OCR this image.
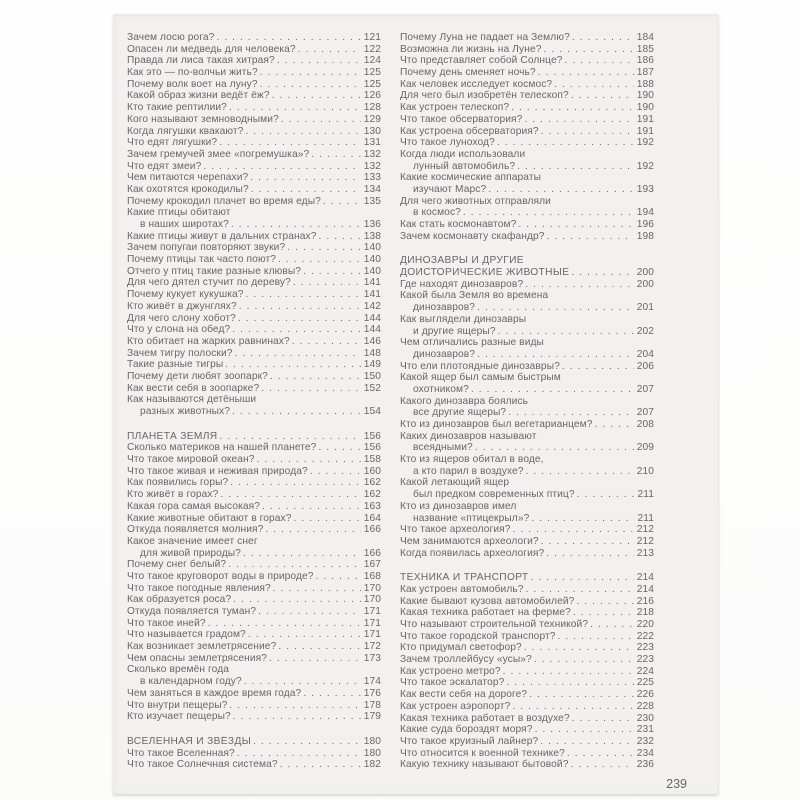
Зачем лосю рога? . . .	121
Опасен ли медведь для человека? . . .	122
Правда ли лиса такая хитрая? . . .	124
Как это — по-волчьи жить? . . .	125
Почему волк воет на луну? . . .	125
Какой образ жизни ведёт ёж? . . .	126
Кто такие рептилии? . . .	128
Кого называют земноводными? . . .	129
Когда лягушки квакают? . . .	130
Что едят лягушки? . . .	131
Зачем гремучей змее «погремушка»? . . .	132
Что едят змеи? . . .	132
Чем питаются черепахи? . . .	133
Как охотятся крокодилы? . . .	134
Почему крокодил плачет во время еды? . . .	135
Какие птицы обитают
в наших широтах? . . .	136
Какие птицы живут в дальних странах? . . .	138
Зачем попугаи повторяют звуки? . . .	140
Почему птицы так часто поют? . . .	140
Отчего у птиц такие разные клювы? . . .	140
Для чего дятел стучит по дереву? . . .	141
Почему кукует кукушка? . . .	141
Кто живёт в джунглях? . . .	142
Для чего слону хобот? . . .	144
Что у слона на обед? . . .	144
Кто обитает на жарких равнинах? . . .	146
Зачем тигру полоски? . . .	148
Такие разные тигры . . .	149
Почему дети любят зоопарк? . . .	150
Как вести себя в зоопарке? . . .	152
Как называются детёныши
разных животных? . . .	154
ПЛАНЕТА ЗЕМЛЯ . . .	156
Сколько материков на нашей планете? . . .	156
Что такое мировой океан? . . .	158
Что такое живая и неживая природа? . . .	160
Как появились горы? . . .	162
Кто живёт в горах? . . .	162
Какая гора самая высокая? . . .	163
Какие животные обитают в горах? . . .	164
Откуда появляется молния? . . .	166
Какое значение имеет снег
для живой природы? . . .	166
Почему снег белый? . . .	167
Что такое круговорот воды в природе? . . .	168
Что такое погодные явления? . . .	170
Как образуется роса? . . .	170
Откуда появляется туман? . . .	171
Что такое иней? . . .	171
Что называется градом? . . .	171
Как возникает землетрясение? . . .	172
Чем опасны землетрясения? . . .	173
Сколько времён года
в календарном году? . . .	174
Чем заняться в каждое время года? . . .	176
Что внутри пещеры? . . .	178
Кто изучает пещеры? . . .	179
ВСЕЛЕННАЯ И ЗВЁЗДЫ . . .	180
Что такое Вселенная? . . .	180
Что такое Солнечная система? . . .	182
Почему Луна не падает на Землю? . . .	184
Возможна ли жизнь на Луне? . . .	185
Что представляет собой Солнце? . . .	186
Почему день сменяет ночь? . . .	187
Как человек исследует космос? . . .	188
Для чего был изобретён телескоп? . . .	190
Как устроен телескоп? . . .	190
Что такое обсерватория? . . .	191
Как устроена обсерватория? . . .	191
Что такое луноход? . . .	192
Когда люди использовали
лунный автомобиль? . . .	192
Какие космические аппараты
изучают Марс? . . .	193
Для чего животных отправляли
в космос? . . .	194
Как стать космонавтом? . . .	196
Зачем космонавту скафандр? . . .	198
ДИНОЗАВРЫ И ДРУГИЕ
ДОИСТОРИЧЕСКИЕ ЖИВОТНЫЕ . . .	200
Где находят динозавров? . . .	200
Какой была Земля во времена
динозавров? . . .	201
Как выглядели динозавры
и другие ящеры? . . .	202
Чем отличались разные виды
динозавров? . . .	204
Что ели плотоядные динозавры? . . .	206
Какой ящер был самым быстрым
охотником? . . .	207
Какого динозавра боялись
все другие ящеры? . . .	207
Кто из динозавров был вегетарианцем? . . .	208
Каких динозавров называют
всеядными? . . .	209
Кто из ящеров обитал в воде,
а кто парил в воздухе? . . .	210
Какой летающий ящер
был предком современных птиц? . . .	211
Кто из динозавров имел
название «птицекрыл»? . . .	211
Что такое археология? . . .	212
Чем занимаются археологи? . . .	212
Когда появилась археология? . . .	213
ТЕХНИКА И ТРАНСПОРТ . . .	214
Как устроен автомобиль? . . .	214
Какие бывают кузова автомобилей? . . .	216
Какая техника работает на ферме? . . .	218
Что называют строительной техникой? . . .	220
Что такое городской транспорт? . . .	222
Кто придумал светофор? . . .	223
Зачем троллейбусу «усы»? . . .	223
Как устроено метро? . . .	224
Что такое эскалатор? . . .	225
Как вести себя на дороге? . . .	226
Как устроен аэропорт? . . .	228
Какая техника работает в воздухе? . . .	230
Какие суда бороздят моря? . . .	231
Что такое круизный лайнер? . . .	232
Что относится к военной технике? . . .	234
Какую технику называют бытовой? . . .	236
239
